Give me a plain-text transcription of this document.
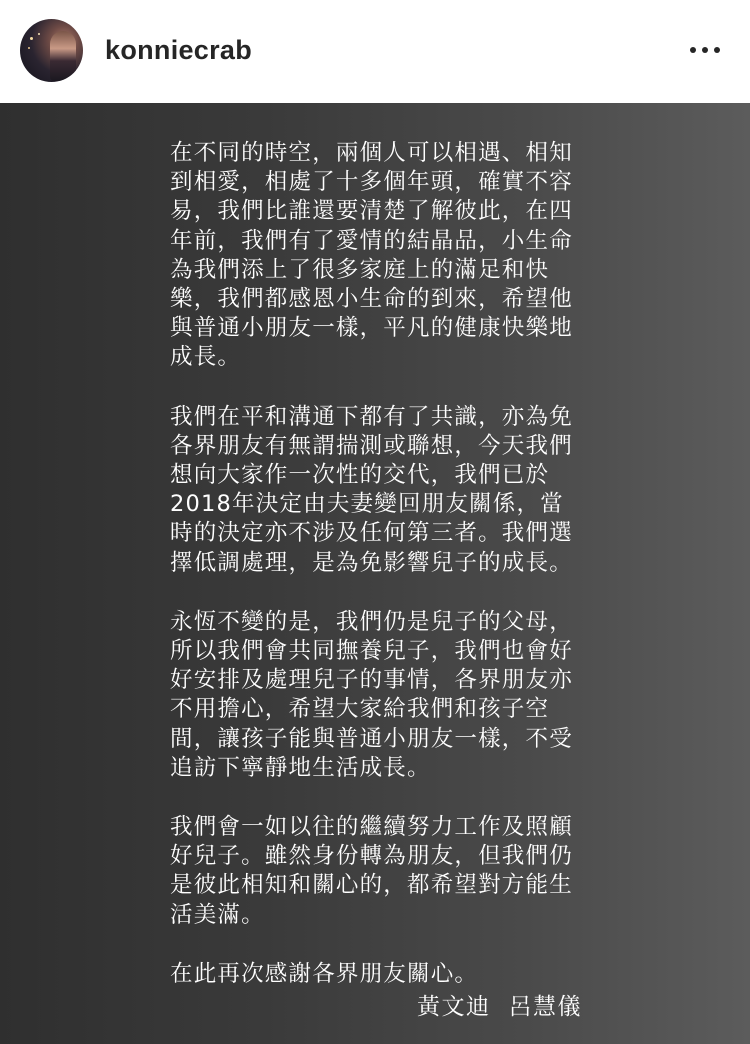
konniecrab
在不同的時空，兩個人可以相遇、相知
到相愛，相處了十多個年頭，確實不容
易，我們比誰還要清楚了解彼此，在四
年前，我們有了愛情的結晶品，小生命
為我們添上了很多家庭上的滿足和快
樂，我們都感恩小生命的到來，希望他
與普通小朋友一樣，平凡的健康快樂地
成長。
我們在平和溝通下都有了共識，亦為免
各界朋友有無謂揣測或聯想，今天我們
想向大家作一次性的交代，我們已於
2018年決定由夫妻變回朋友關係，當
時的決定亦不涉及任何第三者。我們選
擇低調處理，是為免影響兒子的成長。
永恆不變的是，我們仍是兒子的父母，
所以我們會共同撫養兒子，我們也會好
好安排及處理兒子的事情，各界朋友亦
不用擔心，希望大家給我們和孩子空
間，讓孩子能與普通小朋友一樣，不受
追訪下寧靜地生活成長。
我們會一如以往的繼續努力工作及照顧
好兒子。雖然身份轉為朋友，但我們仍
是彼此相知和關心的，都希望對方能生
活美滿。
在此再次感謝各界朋友關心。
黃文迪 呂慧儀
